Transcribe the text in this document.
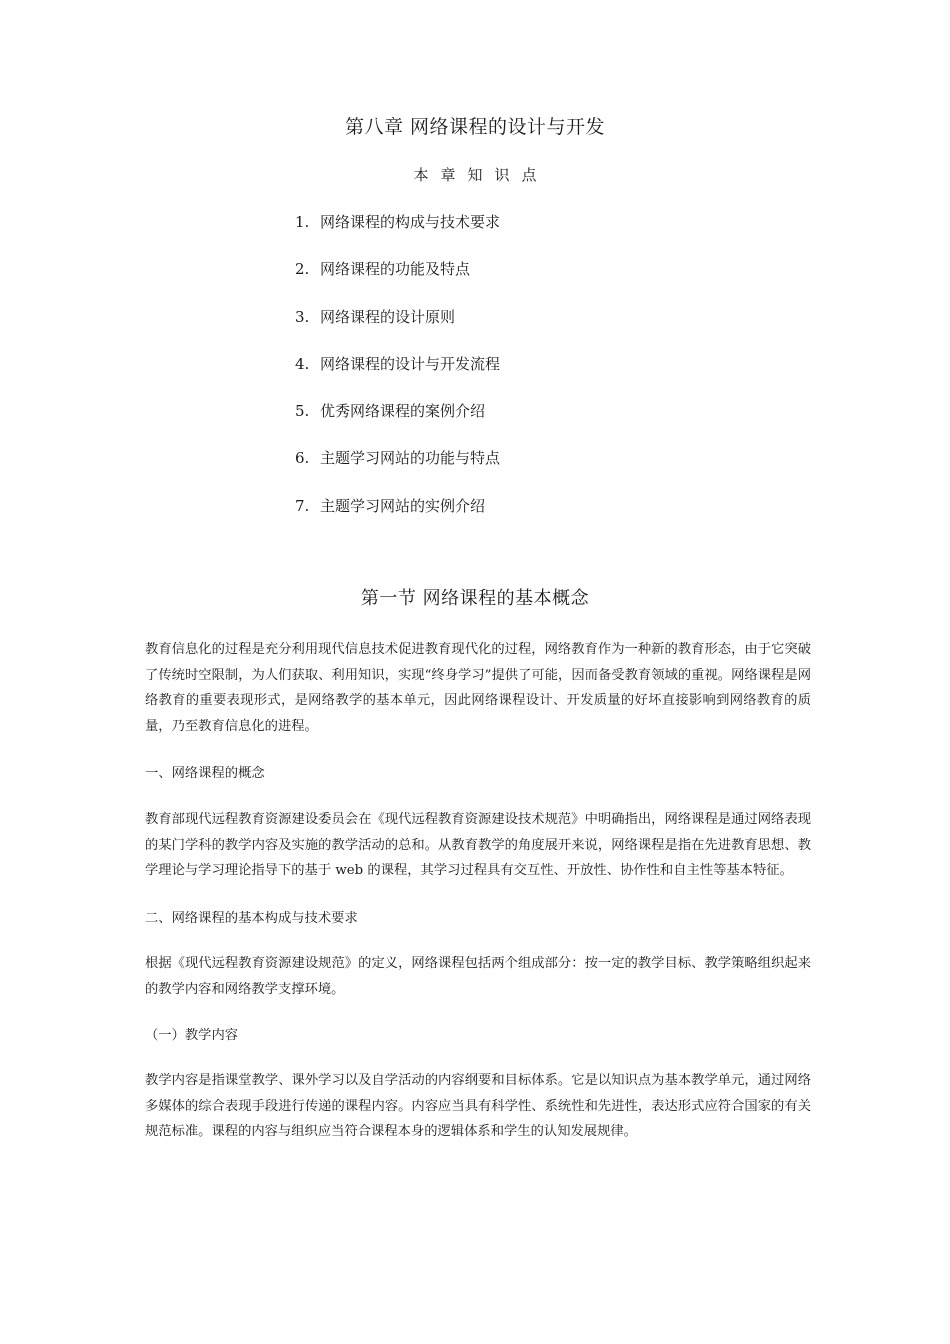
第八章 网络课程的设计与开发
本章知识点
1. 网络课程的构成与技术要求
2. 网络课程的功能及特点
3. 网络课程的设计原则
4. 网络课程的设计与开发流程
5. 优秀网络课程的案例介绍
6. 主题学习网站的功能与特点
7. 主题学习网站的实例介绍
第一节 网络课程的基本概念

教育信息化的过程是充分利用现代信息技术促进教育现代化的过程，网络教育作为一种新的教育形态，由于它突破了传统时空限制，为人们获取、利用知识，实现“终身学习”提供了可能，因而备受教育领域的重视。网络课程是网络教育的重要表现形式，是网络教学的基本单元，因此网络课程设计、开发质量的好坏直接影响到网络教育的质量，乃至教育信息化的进程。

一、网络课程的概念

教育部现代远程教育资源建设委员会在《现代远程教育资源建设技术规范》中明确指出，网络课程是通过网络表现的某门学科的教学内容及实施的教学活动的总和。从教育教学的角度展开来说，网络课程是指在先进教育思想、教学理论与学习理论指导下的基于 web 的课程，其学习过程具有交互性、开放性、协作性和自主性等基本特征。

二、网络课程的基本构成与技术要求

根据《现代远程教育资源建设规范》的定义，网络课程包括两个组成部分：按一定的教学目标、教学策略组织起来的教学内容和网络教学支撑环境。

（一）教学内容

教学内容是指课堂教学、课外学习以及自学活动的内容纲要和目标体系。它是以知识点为基本教学单元，通过网络多媒体的综合表现手段进行传递的课程内容。内容应当具有科学性、系统性和先进性，表达形式应符合国家的有关规范标准。课程的内容与组织应当符合课程本身的逻辑体系和学生的认知发展规律。
